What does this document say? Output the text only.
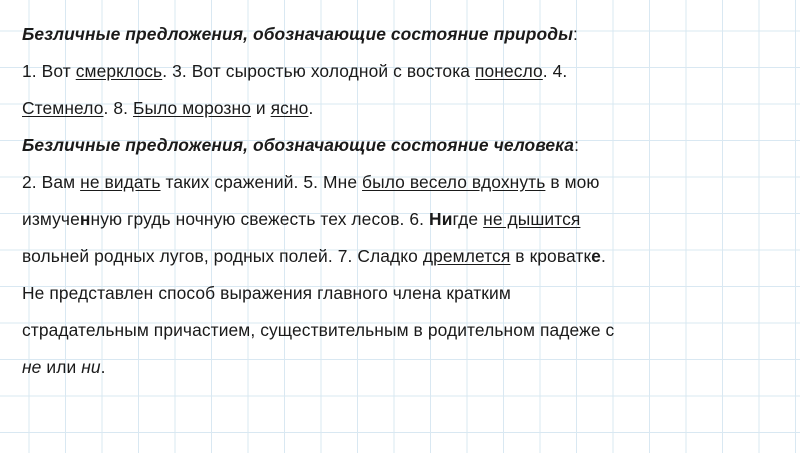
Безличные предложения, обозначающие состояние природы:
1. Вот смерклось. 3. Вот сыростью холодной с востока понесло. 4.
Стемнело. 8. Было морозно и ясно.
Безличные предложения, обозначающие состояние человека:
2. Вам не видать таких сражений. 5. Мне было весело вдохнуть в мою
измученную грудь ночную свежесть тех лесов. 6. Нигде не дышится
вольней родных лугов, родных полей. 7. Сладко дремлется в кроватке.
Не представлен способ выражения главного члена кратким
страдательным причастием, существительным в родительном падеже с
не или ни.
